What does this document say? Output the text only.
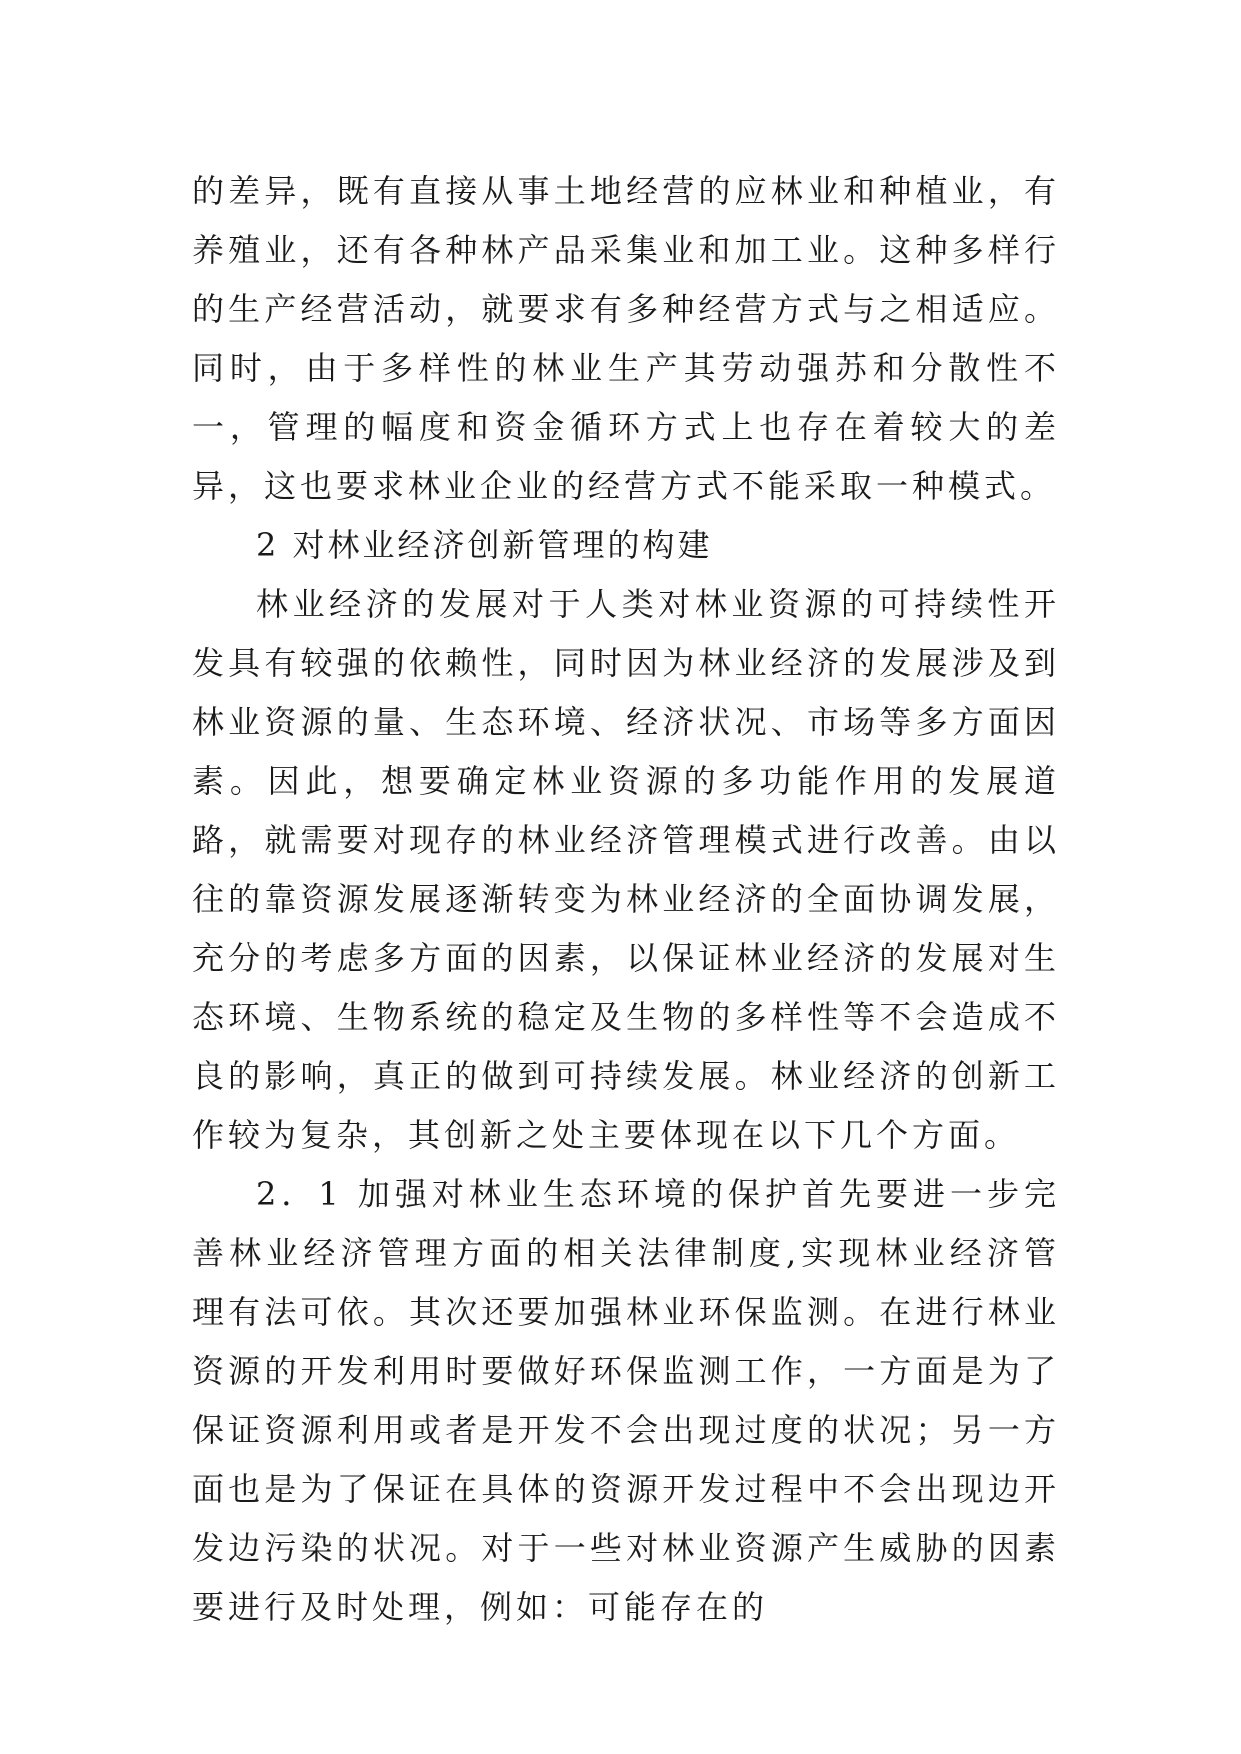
的差异，既有直接从事土地经营的应林业和种植业，有养殖业，还有各种林产品采集业和加工业。这种多样行的生产经营活动，就要求有多种经营方式与之相适应。同时，由于多样性的林业生产其劳动强苏和分散性不一，管理的幅度和资金循环方式上也存在着较大的差异，这也要求林业企业的经营方式不能采取一种模式。

2 对林业经济创新管理的构建

林业经济的发展对于人类对林业资源的可持续性开发具有较强的依赖性，同时因为林业经济的发展涉及到林业资源的量、生态环境、经济状况、市场等多方面因素。因此，想要确定林业资源的多功能作用的发展道路，就需要对现存的林业经济管理模式进行改善。由以往的靠资源发展逐渐转变为林业经济的全面协调发展，充分的考虑多方面的因素，以保证林业经济的发展对生态环境、生物系统的稳定及生物的多样性等不会造成不良的影响，真正的做到可持续发展。林业经济的创新工作较为复杂，其创新之处主要体现在以下几个方面。

2．1 加强对林业生态环境的保护首先要进一步完善林业经济管理方面的相关法律制度,实现林业经济管理有法可依。其次还要加强林业环保监测。在进行林业资源的开发利用时要做好环保监测工作，一方面是为了保证资源利用或者是开发不会出现过度的状况；另一方面也是为了保证在具体的资源开发过程中不会出现边开发边污染的状况。对于一些对林业资源产生威胁的因素要进行及时处理，例如：可能存在的
